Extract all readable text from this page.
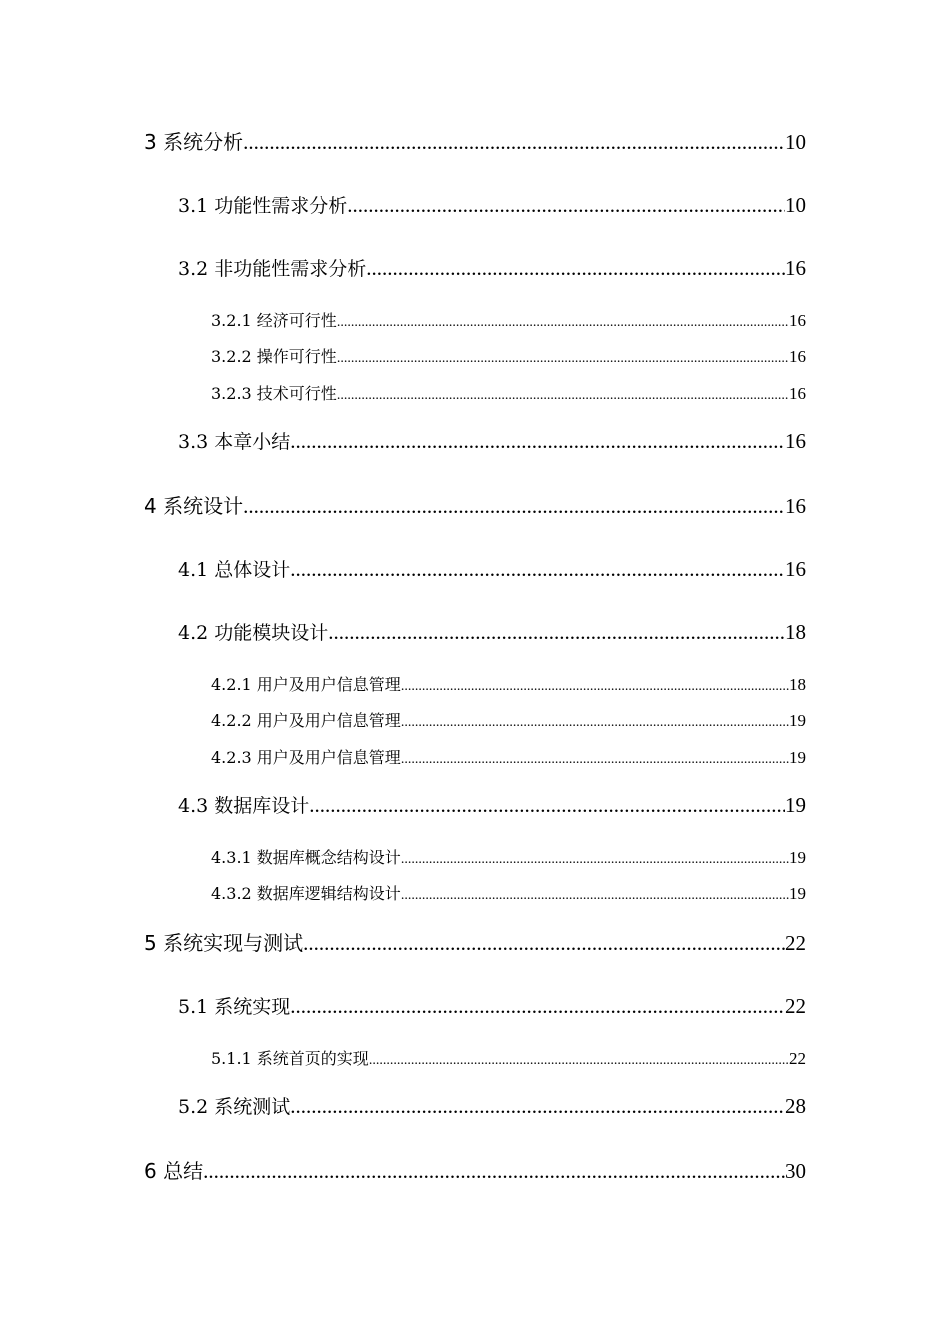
3 系统分析 .....	10
3.1 功能性需求分析 .....	10
3.2 非功能性需求分析 .....	16
3.2.1 经济可行性 .....	16
3.2.2 操作可行性 .....	16
3.2.3 技术可行性 .....	16
3.3 本章小结 .....	16
4 系统设计 .....	16
4.1 总体设计 .....	16
4.2 功能模块设计 .....	18
4.2.1 用户及用户信息管理 .....	18
4.2.2 用户及用户信息管理 .....	19
4.2.3 用户及用户信息管理 .....	19
4.3 数据库设计 .....	19
4.3.1 数据库概念结构设计 .....	19
4.3.2 数据库逻辑结构设计 .....	19
5 系统实现与测试 .....	22
5.1 系统实现 .....	22
5.1.1 系统首页的实现 .....	22
5.2 系统测试 .....	28
6 总结 .....	30
